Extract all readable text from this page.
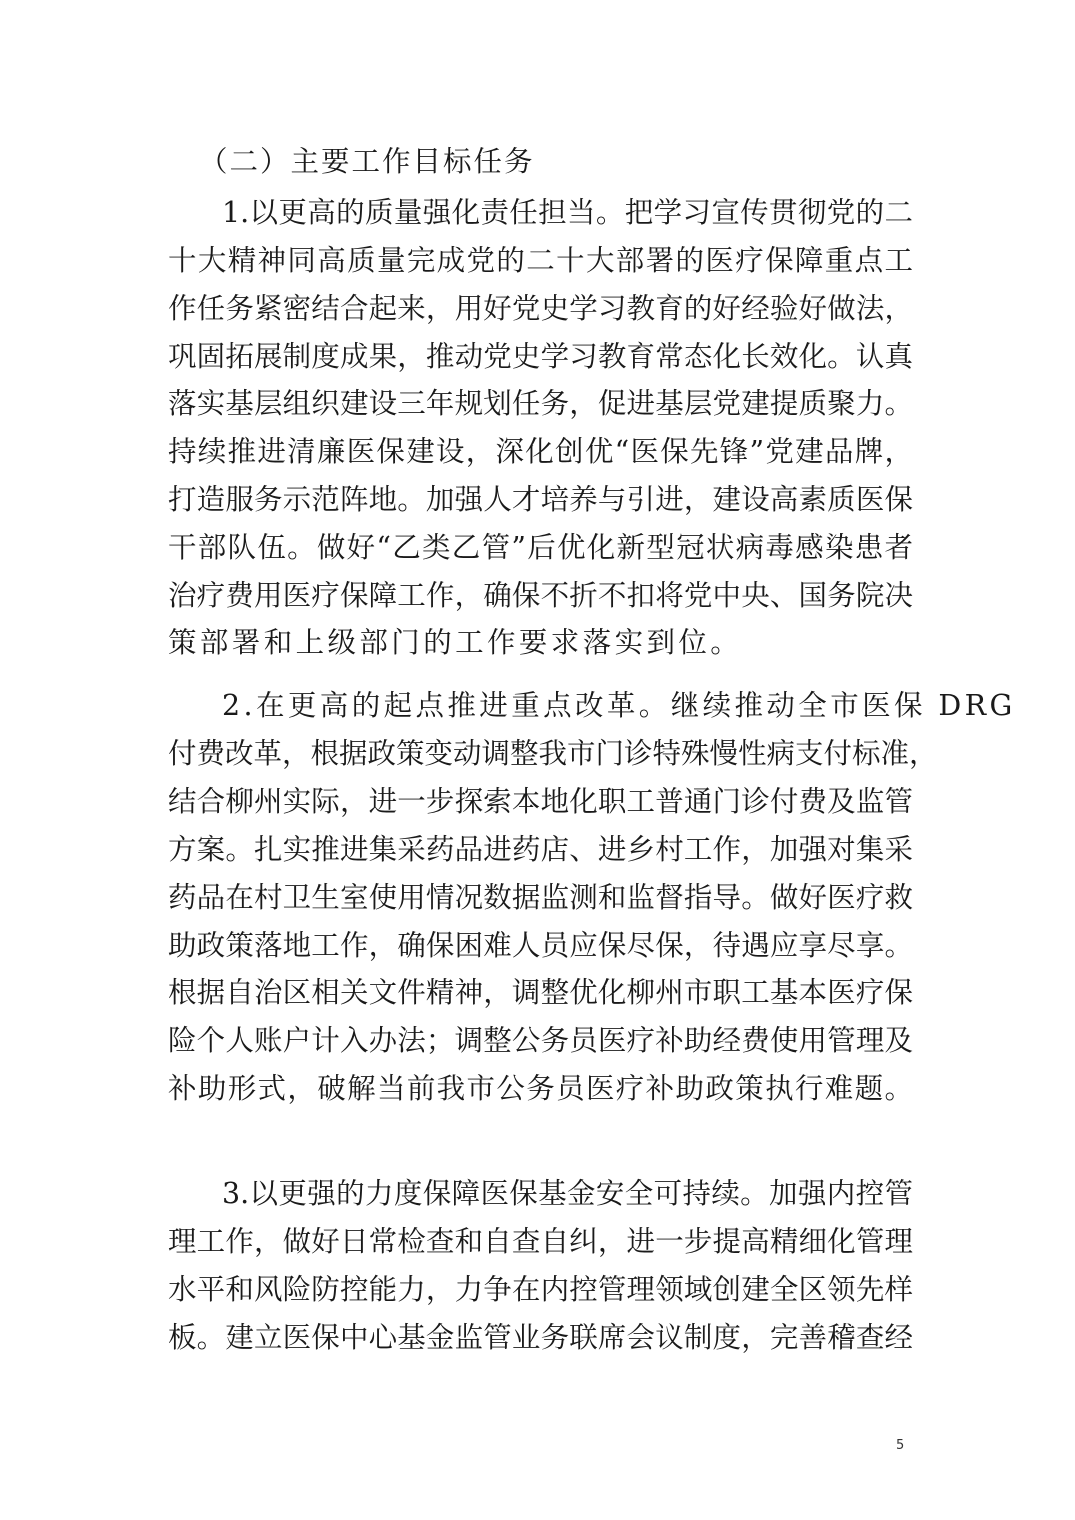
（二）主要工作目标任务
1.以更高的质量强化责任担当。把学习宣传贯彻党的二
十大精神同高质量完成党的二十大部署的医疗保障重点工
作任务紧密结合起来，用好党史学习教育的好经验好做法，
巩固拓展制度成果，推动党史学习教育常态化长效化。认真
落实基层组织建设三年规划任务，促进基层党建提质聚力。
持续推进清廉医保建设，深化创优“医保先锋”党建品牌，
打造服务示范阵地。加强人才培养与引进，建设高素质医保
干部队伍。做好“乙类乙管”后优化新型冠状病毒感染患者
治疗费用医疗保障工作，确保不折不扣将党中央、国务院决
策部署和上级部门的工作要求落实到位。
2.在更高的起点推进重点改革。继续推动全市医保 DRG
付费改革，根据政策变动调整我市门诊特殊慢性病支付标准，
结合柳州实际，进一步探索本地化职工普通门诊付费及监管
方案。扎实推进集采药品进药店、进乡村工作，加强对集采
药品在村卫生室使用情况数据监测和监督指导。做好医疗救
助政策落地工作，确保困难人员应保尽保，待遇应享尽享。
根据自治区相关文件精神，调整优化柳州市职工基本医疗保
险个人账户计入办法；调整公务员医疗补助经费使用管理及
补助形式，破解当前我市公务员医疗补助政策执行难题。
3.以更强的力度保障医保基金安全可持续。加强内控管
理工作，做好日常检查和自查自纠，进一步提高精细化管理
水平和风险防控能力，力争在内控管理领域创建全区领先样
板。建立医保中心基金监管业务联席会议制度，完善稽查经
5
